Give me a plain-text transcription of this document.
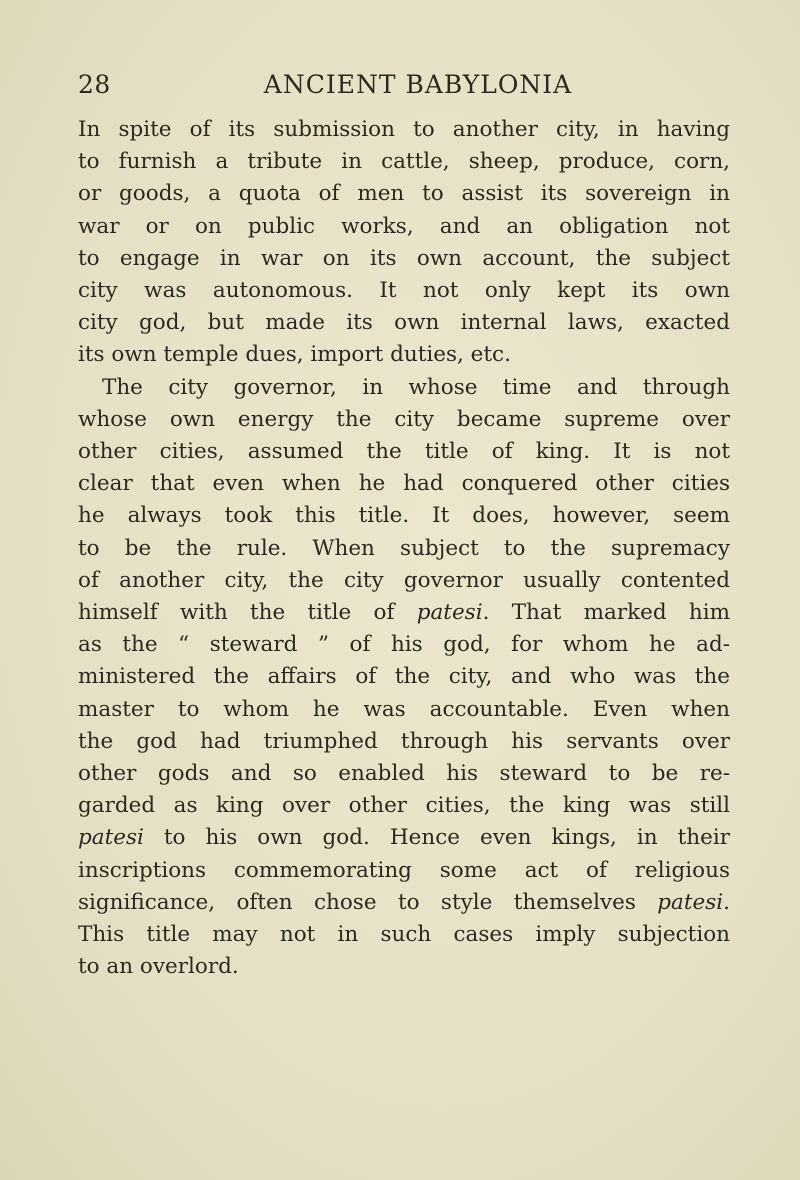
28	ANCIENT BABYLONIA
In spite of its submission to another city, in having
to furnish a tribute in cattle, sheep, produce, corn,
or goods, a quota of men to assist its sovereign in
war or on public works, and an obligation not
to engage in war on its own account, the subject
city was autonomous. It not only kept its own
city god, but made its own internal laws, exacted
its own temple dues, import duties, etc.
The city governor, in whose time and through
whose own energy the city became supreme over
other cities, assumed the title of king. It is not
clear that even when he had conquered other cities
he always took this title. It does, however, seem
to be the rule. When subject to the supremacy
of another city, the city governor usually contented
himself with the title of patesi. That marked him
as the “ steward ” of his god, for whom he ad-
ministered the affairs of the city, and who was the
master to whom he was accountable. Even when
the god had triumphed through his servants over
other gods and so enabled his steward to be re-
garded as king over other cities, the king was still
patesi to his own god. Hence even kings, in their
inscriptions commemorating some act of religious
significance, often chose to style themselves patesi.
This title may not in such cases imply subjection
to an overlord.
